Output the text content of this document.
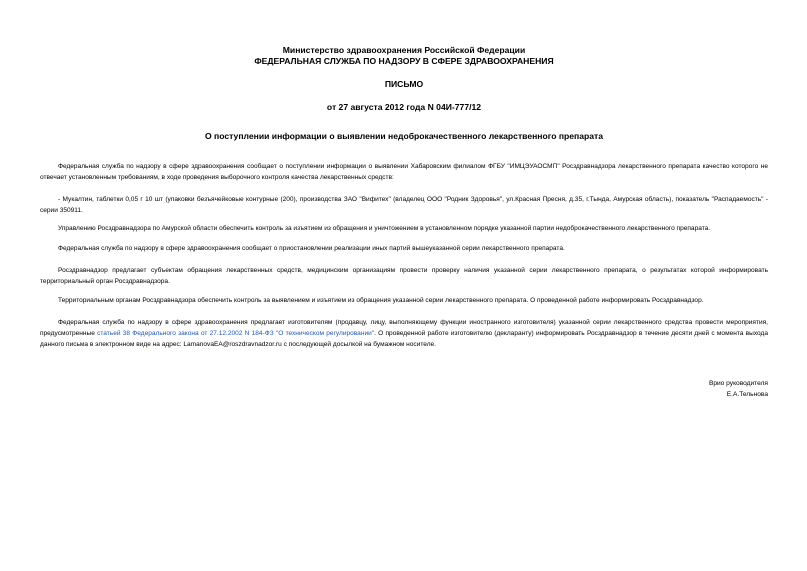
Министерство здравоохранения Российской Федерации
ФЕДЕРАЛЬНАЯ СЛУЖБА ПО НАДЗОРУ В СФЕРЕ ЗДРАВООХРАНЕНИЯ
ПИСЬМО
от 27 августа 2012 года N 04И-777/12
О поступлении информации о выявлении недоброкачественного лекарственного препарата

Федеральная служба по надзору в сфере здравоохранения сообщает о поступлении информации о выявлении Хабаровским филиалом ФГБУ "ИМЦЭУАОСМП" Росздравнадзора лекарственного препарата качество которого не отвечает установленным требованиям, в ходе проведения выборочного контроля качества лекарственных средств:

- Мукалтин, таблетки 0,05 г 10 шт (упаковки безъячейковые контурные (200), производства ЗАО "Вифитех" (владелец ООО "Родник Здоровья", ул.Красная Пресня, д.35, г.Тында, Амурская область), показатель "Распадаемость" - серии 350911.

Управлению Росздравнадзора по Амурской области обеспечить контроль за изъятием из обращения и уничтожением в установленном порядке указанной партии недоброкачественного лекарственного препарата.

Федеральная служба по надзору в сфере здравоохранения сообщает о приостановлении реализации иных партий вышеуказанной серии лекарственного препарата.

Росздравнадзор предлагает субъектам обращения лекарственных средств, медицинским организациям провести проверку наличия указанной серии лекарственного препарата, о результатах которой информировать территориальный орган Росздравнадзора.

Территориальным органам Росздравнадзора обеспечить контроль за выявлением и изъятием из обращения указанной серии лекарственного препарата. О проведенной работе информировать Росздравнадзор.

Федеральная служба по надзору в сфере здравоохранения предлагает изготовителям (продавцу, лицу, выполняющему функции иностранного изготовителя) указанной серии лекарственного средства провести мероприятия, предусмотренные статьей 38 Федерального закона от 27.12.2002 N 184-ФЗ "О техническом регулировании". О проведенной работе изготовителю (декларанту) информировать Росздравнадзор в течение десяти дней с момента выхода данного письма в электронном виде на адрес: LamanovaEA@roszdravnadzor.ru с последующей досылкой на бумажном носителе.

Врио руководителя
Е.А.Тельнова
